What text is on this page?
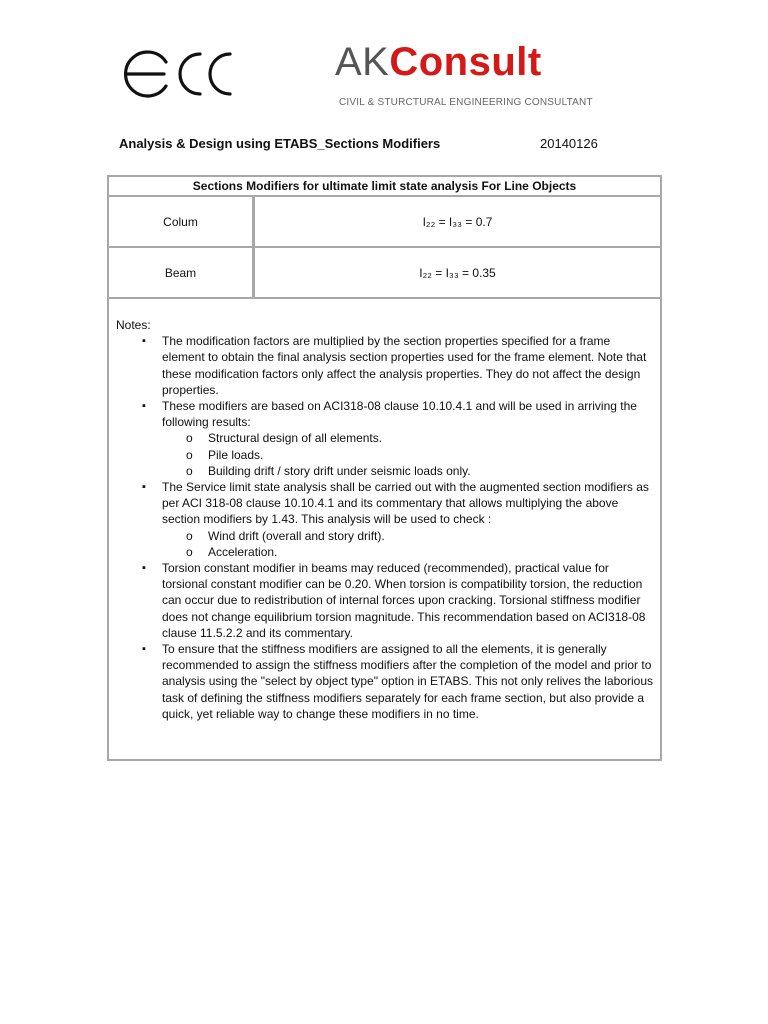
AKConsult
CIVIL & STURCTURAL ENGINEERING CONSULTANT
Analysis & Design using ETABS_Sections Modifiers	20140126
Sections Modifiers for ultimate limit state analysis For Line Objects
Colum	I₂₂ = I₃₃ = 0.7
Beam	I₂₂ = I₃₃ = 0.35
Notes:
▪ The modification factors are multiplied by the section properties specified for a frame element to obtain the final analysis section properties used for the frame element. Note that these modification factors only affect the analysis properties. They do not affect the design properties.
▪ These modifiers are based on ACI318-08 clause 10.10.4.1 and will be used in arriving the following results:
o Structural design of all elements.
o Pile loads.
o Building drift / story drift under seismic loads only.
▪ The Service limit state analysis shall be carried out with the augmented section modifiers as per ACI 318-08 clause 10.10.4.1 and its commentary that allows multiplying the above section modifiers by 1.43. This analysis will be used to check :
o Wind drift (overall and story drift).
o Acceleration.
▪ Torsion constant modifier in beams may reduced (recommended), practical value for torsional constant modifier can be 0.20. When torsion is compatibility torsion, the reduction can occur due to redistribution of internal forces upon cracking. Torsional stiffness modifier does not change equilibrium torsion magnitude. This recommendation based on ACI318-08 clause 11.5.2.2 and its commentary.
▪ To ensure that the stiffness modifiers are assigned to all the elements, it is generally recommended to assign the stiffness modifiers after the completion of the model and prior to analysis using the "select by object type" option in ETABS. This not only relives the laborious task of defining the stiffness modifiers separately for each frame section, but also provide a quick, yet reliable way to change these modifiers in no time.
